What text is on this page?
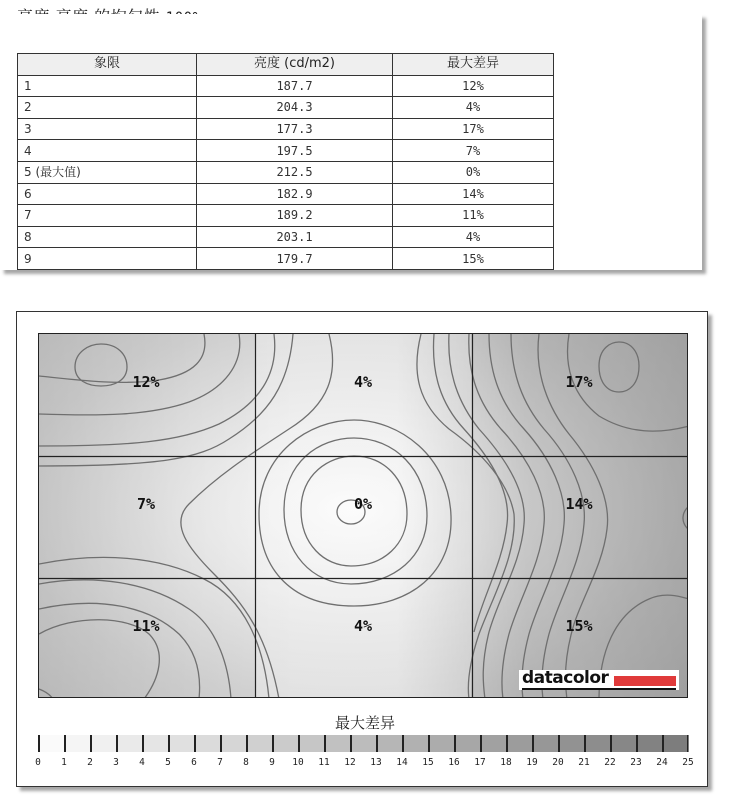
象限	亮度 (cd/m2)	最大差异
1	187.7	12%
2	204.3	4%
3	177.3	17%
4	197.5	7%
5 (最大值)	212.5	0%
6	182.9	14%
7	189.2	11%
8	203.1	4%
9	179.7	15%
12%	4%	17%
7%	0%	14%
11%	4%	15%
datacolor
最大差异
0 1 2 3 4 5 6 7 8 9 10 11 12 13 14 15 16 17 18 19 20 21 22 23 24 25
